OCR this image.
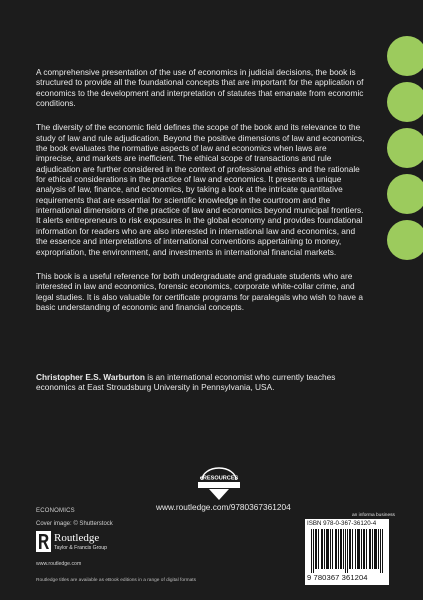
A comprehensive presentation of the use of economics in judicial decisions, the book is structured to provide all the foundational concepts that are important for the application of economics to the development and interpretation of statutes that emanate from economic conditions.

The diversity of the economic field defines the scope of the book and its relevance to the study of law and rule adjudication. Beyond the positive dimensions of law and economics, the book evaluates the normative aspects of law and economics when laws are imprecise, and markets are inefficient. The ethical scope of transactions and rule adjudication are further considered in the context of professional ethics and the rationale for ethical considerations in the practice of law and economics. It presents a unique analysis of law, finance, and economics, by taking a look at the intricate quantitative requirements that are essential for scientific knowledge in the courtroom and the international dimensions of the practice of law and economics beyond municipal frontiers. It alerts entrepreneurs to risk exposures in the global economy and provides foundational information for readers who are also interested in international law and economics, and the essence and interpretations of international conventions appertaining to money, expropriation, the environment, and investments in international financial markets.

This book is a useful reference for both undergraduate and graduate students who are interested in law and economics, forensic economics, corporate white-collar crime, and legal studies. It is also valuable for certificate programs for paralegals who wish to have a basic understanding of economic and financial concepts.

Christopher E.S. Warburton is an international economist who currently teaches economics at East Stroudsburg University in Pennsylvania, USA.
eRESOURCES
www.routledge.com/9780367361204
ECONOMICS
Cover image: © Shutterstock
Routledge
Taylor & Francis Group
www.routledge.com
Routledge titles are available as eBook editions in a range of digital formats
an informa business
ISBN 978-0-367-36120-4
9 780367 361204
